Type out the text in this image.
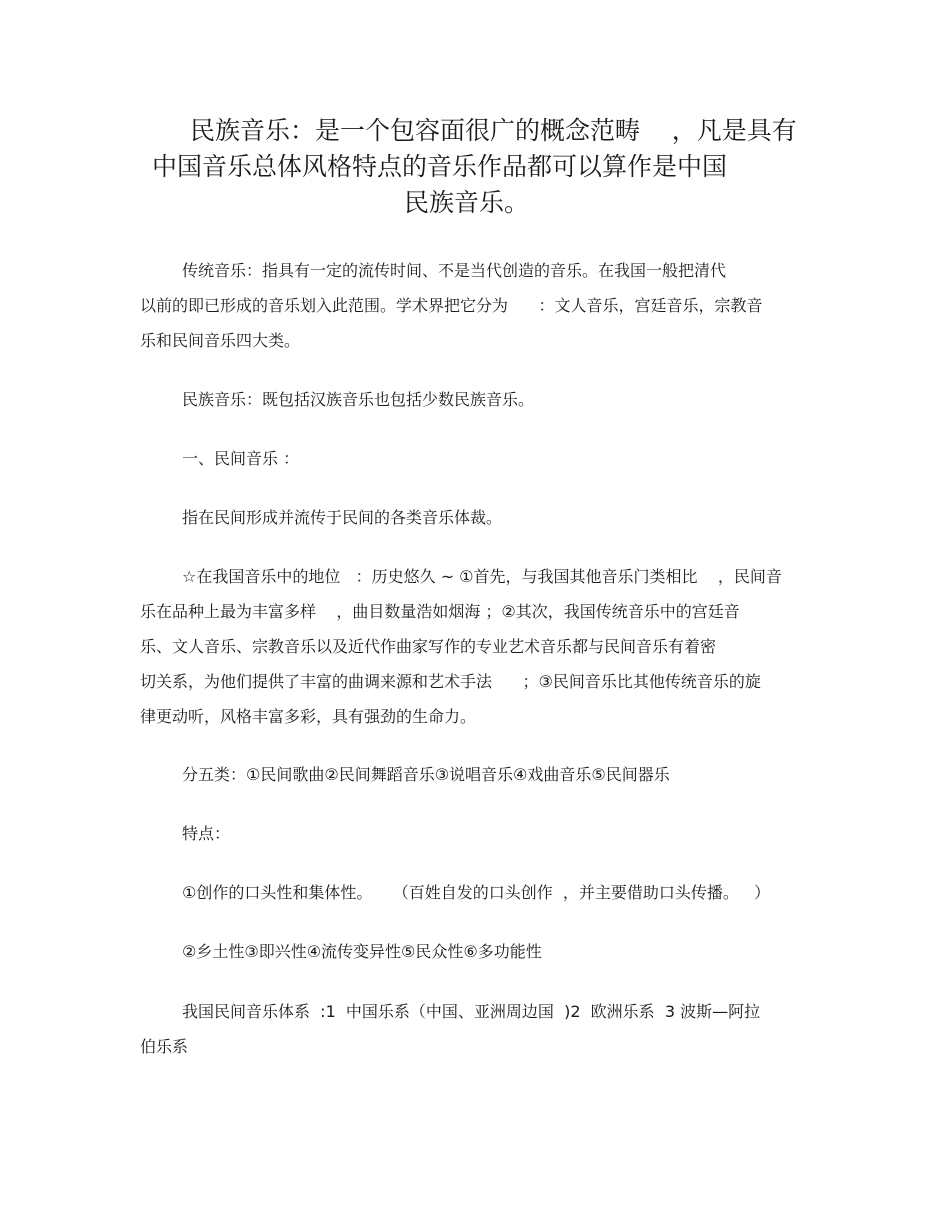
民族音乐：是一个包容面很广的概念范畴    ，凡是具有
中国音乐总体风格特点的音乐作品都可以算作是中国
民族音乐。
传统音乐：指具有一定的流传时间、不是当代创造的音乐。在我国一般把清代
以前的即已形成的音乐划入此范围。学术界把它分为      ：文人音乐，宫廷音乐，宗教音
乐和民间音乐四大类。
民族音乐：既包括汉族音乐也包括少数民族音乐。
一、民间音乐 ：
指在民间形成并流传于民间的各类音乐体裁。
☆在我国音乐中的地位   ：历史悠久 ~ ①首先，与我国其他音乐门类相比    ，民间音
乐在品种上最为丰富多样    ，曲目数量浩如烟海 ；②其次，我国传统音乐中的宫廷音
乐、文人音乐、宗教音乐以及近代作曲家写作的专业艺术音乐都与民间音乐有着密
切关系，为他们提供了丰富的曲调来源和艺术手法      ；③民间音乐比其他传统音乐的旋
律更动听，风格丰富多彩，具有强劲的生命力。
分五类：①民间歌曲②民间舞蹈音乐③说唱音乐④戏曲音乐⑤民间器乐
特点：
①创作的口头性和集体性。    （百姓自发的口头创作  ，并主要借助口头传播。   ）
②乡土性③即兴性④流传变异性⑤民众性⑥多功能性
我国民间音乐体系  :1  中国乐系（中国、亚洲周边国  )2  欧洲乐系  3 波斯—阿拉
伯乐系
